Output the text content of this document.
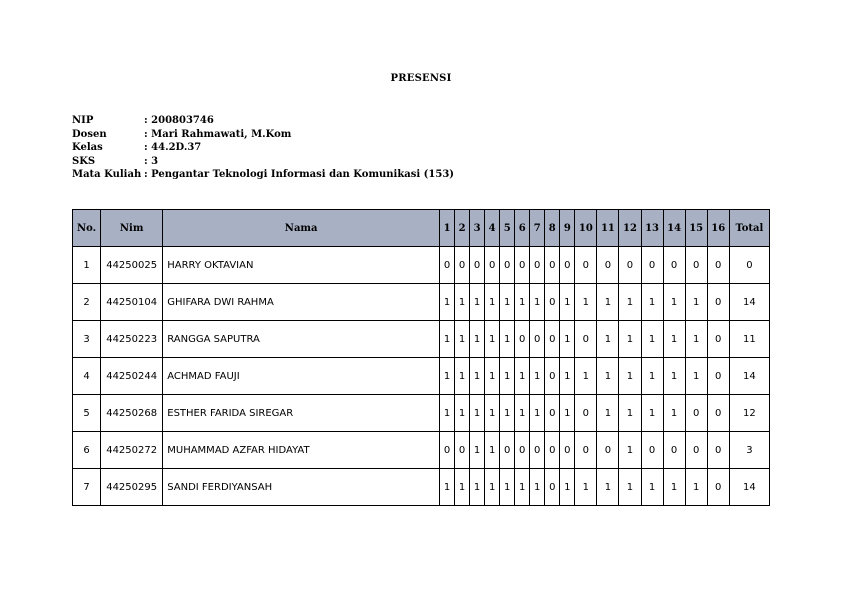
PRESENSI
NIP	: 200803746
Dosen	: Mari Rahmawati, M.Kom
Kelas	: 44.2D.37
SKS	: 3
Mata Kuliah : Pengantar Teknologi Informasi dan Komunikasi (153)
No.	Nim	Nama	1	2	3	4	5	6	7	8	9	10	11	12	13	14	15	16	Total
1	44250025	HARRY OKTAVIAN	0	0	0	0	0	0	0	0	0	0	0	0	0	0	0	0	0
2	44250104	GHIFARA DWI RAHMA	1	1	1	1	1	1	1	0	1	1	1	1	1	1	1	0	14
3	44250223	RANGGA SAPUTRA	1	1	1	1	1	0	0	0	1	0	1	1	1	1	1	0	11
4	44250244	ACHMAD FAUJI	1	1	1	1	1	1	1	0	1	1	1	1	1	1	1	0	14
5	44250268	ESTHER FARIDA SIREGAR	1	1	1	1	1	1	1	0	1	0	1	1	1	1	0	0	12
6	44250272	MUHAMMAD AZFAR HIDAYAT	0	0	1	1	0	0	0	0	0	0	0	1	0	0	0	0	3
7	44250295	SANDI FERDIYANSAH	1	1	1	1	1	1	1	0	1	1	1	1	1	1	1	0	14
